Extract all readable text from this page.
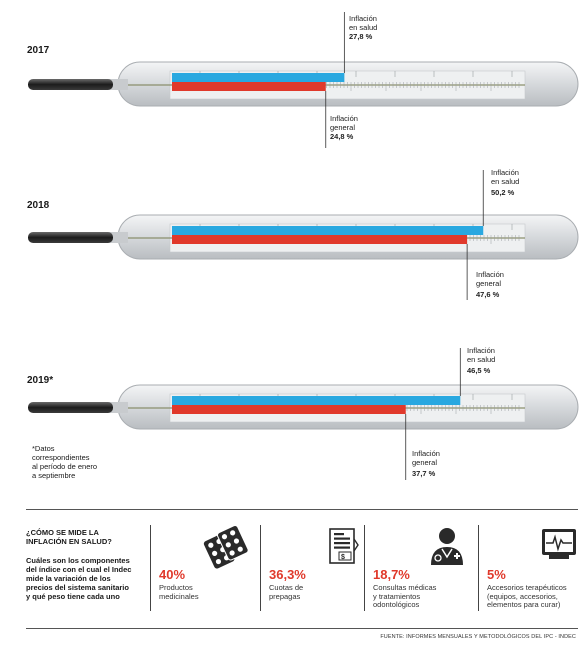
2017
2018
2019*
Inflación
en salud
27,8 %
Inflación
general
24,8 %
Inflación
en salud
50,2 %
Inflación
general
47,6 %
Inflación
en salud
46,5 %
Inflación
general
37,7 %
*Datos
correspondientes
al período de enero
a septiembre
¿CÓMO SE MIDE LA
INFLACIÓN EN SALUD?
Cuáles son los componentes
del índice con el cual el Indec
mide la variación de los
precios del sistema sanitario
y qué peso tiene cada uno
40%
Productos
medicinales
$
36,3%
Cuotas de
prepagas
18,7%
Consultas médicas
y tratamientos
odontológicos
5%
Accesorios terapéuticos
(equipos, accesorios,
elementos para curar)
FUENTE: INFORMES MENSUALES Y METODOLÓGICOS DEL IPC - INDEC
